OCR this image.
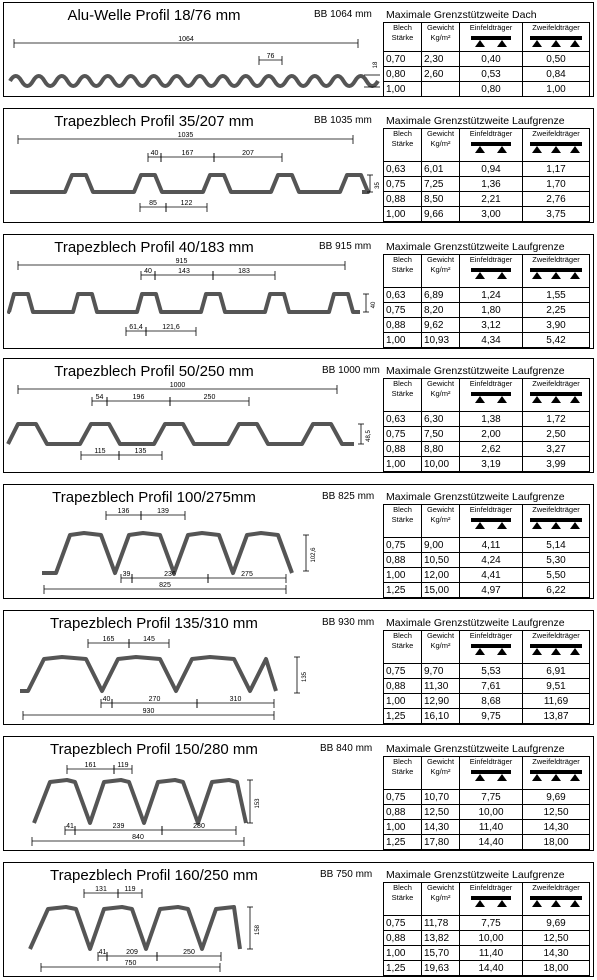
Alu-Welle Profil 18/76 mm	BB 1064 mm Maximale Grenzstützweite Dach
1064
76
18
Blech
Stärke	Gewicht
Kg/m²	Einfeldträger	Zweifeldträger

0,70	2,30	0,40	0,50
0,80	2,60	0,53	0,84
1,00		0,80	1,00
Trapezblech Profil 35/207 mm	BB 1035 mm Maximale Grenzstützweite Laufgrenze
1035
40	167	207
85	122
35
Blech
Stärke	Gewicht
Kg/m²	Einfeldträger	Zweifeldträger

0,63	6,01	0,94	1,17
0,75	7,25	1,36	1,70
0,88	8,50	2,21	2,76
1,00	9,66	3,00	3,75
Trapezblech Profil 40/183 mm	BB 915 mm Maximale Grenzstützweite Laufgrenze
915
40	143	183
61,4	121,6
40
Blech
Stärke	Gewicht
Kg/m²	Einfeldträger	Zweifeldträger

0,63	6,89	1,24	1,55
0,75	8,20	1,80	2,25
0,88	9,62	3,12	3,90
1,00	10,93	4,34	5,42
Trapezblech Profil 50/250 mm	BB 1000 mm Maximale Grenzstützweite Laufgrenze
1000
54	196	250
115	135
48,5
Blech
Stärke	Gewicht
Kg/m²	Einfeldträger	Zweifeldträger

0,63	6,30	1,38	1,72
0,75	7,50	2,00	2,50
0,88	8,80	2,62	3,27
1,00	10,00	3,19	3,99
Trapezblech Profil 100/275mm	BB 825 mm Maximale Grenzstützweite Laufgrenze
136	139
39	236	275
825
102,6
Blech
Stärke	Gewicht
Kg/m²	Einfeldträger	Zweifeldträger

0,75	9,00	4,11	5,14
0,88	10,50	4,24	5,30
1,00	12,00	4,41	5,50
1,25	15,00	4,97	6,22
Trapezblech Profil 135/310 mm	BB 930 mm Maximale Grenzstützweite Laufgrenze
165	145
40	270	310
930
135
Blech
Stärke	Gewicht
Kg/m²	Einfeldträger	Zweifeldträger

0,75	9,70	5,53	6,91
0,88	11,30	7,61	9,51
1,00	12,90	8,68	11,69
1,25	16,10	9,75	13,87
Trapezblech Profil 150/280 mm	BB 840 mm Maximale Grenzstützweite Laufgrenze
161	119
41	239	280
840
153
Blech
Stärke	Gewicht
Kg/m²	Einfeldträger	Zweifeldträger

0,75	10,70	7,75	9,69
0,88	12,50	10,00	12,50
1,00	14,30	11,40	14,30
1,25	17,80	14,40	18,00
Trapezblech Profil 160/250 mm	BB 750 mm Maximale Grenzstützweite Laufgrenze
131	119
41	209	250
750
158
Blech
Stärke	Gewicht
Kg/m²	Einfeldträger	Zweifeldträger

0,75	11,78	7,75	9,69
0,88	13,82	10,00	12,50
1,00	15,70	11,40	14,30
1,25	19,63	14,40	18,00
